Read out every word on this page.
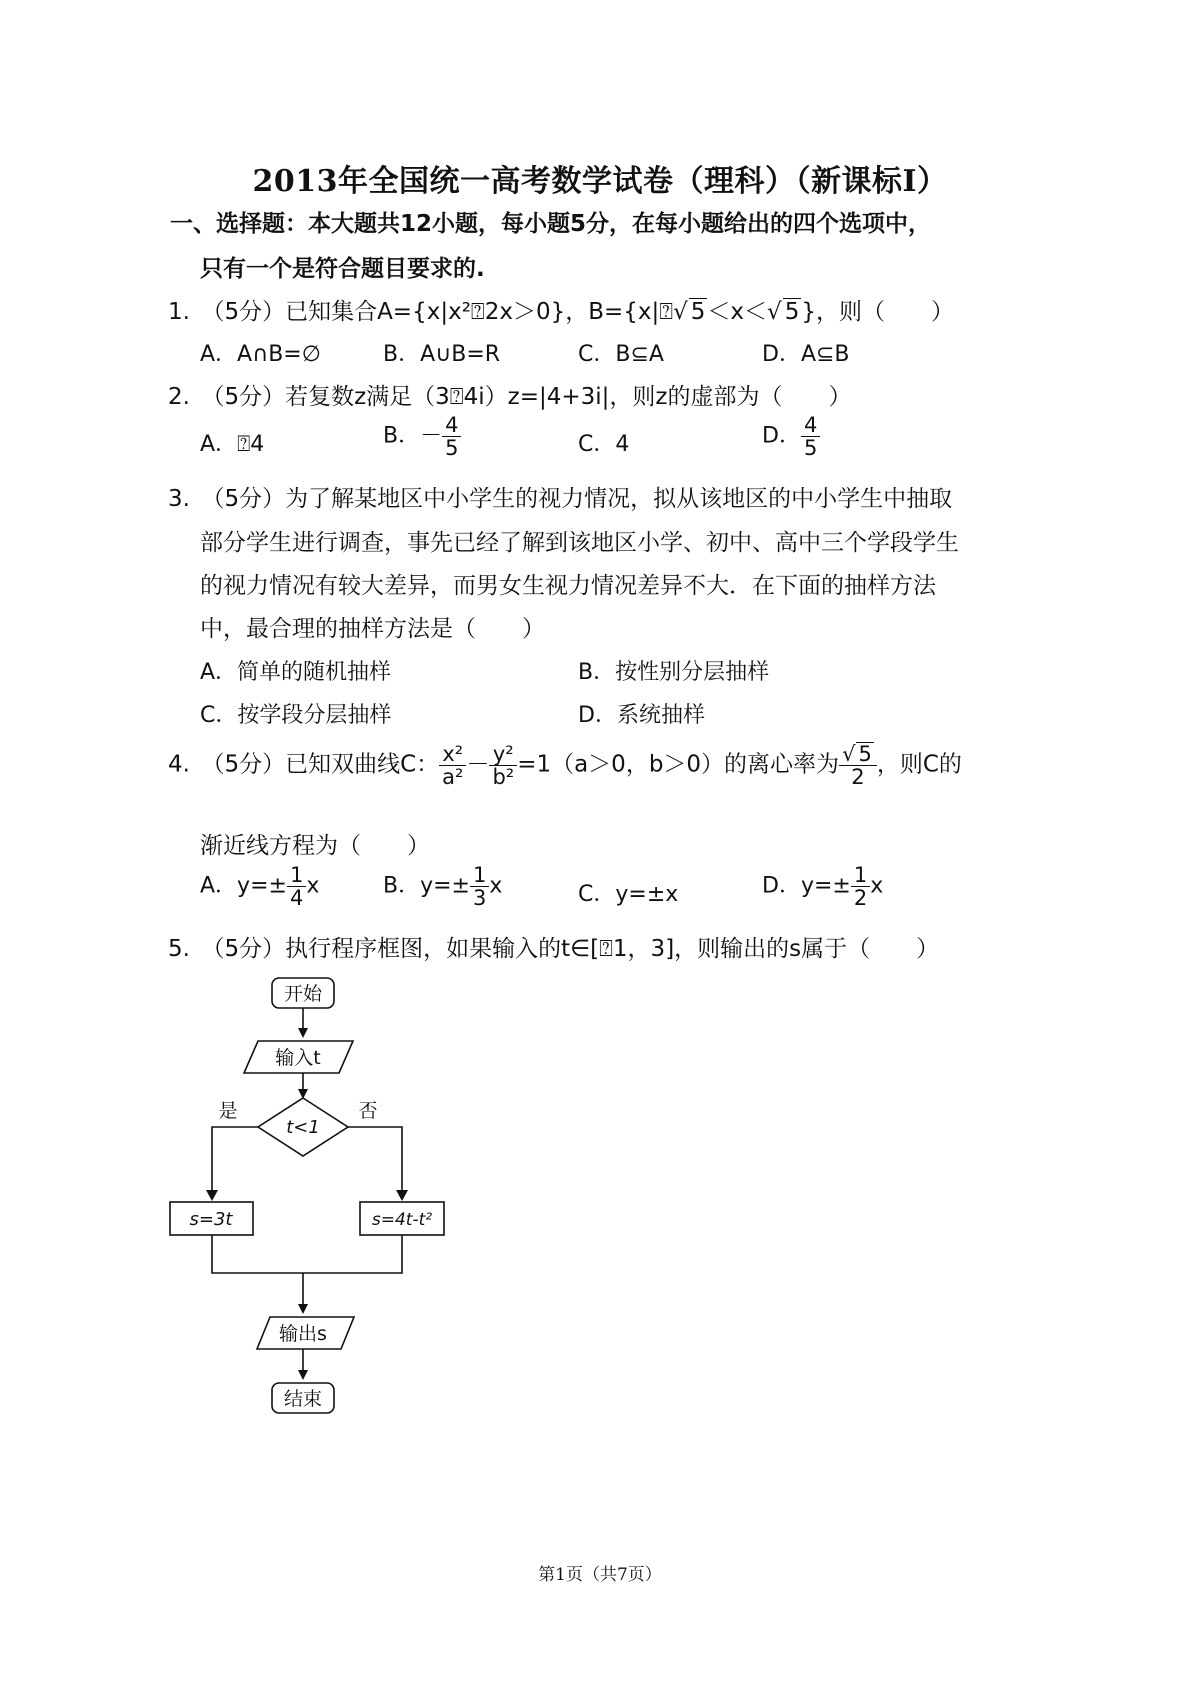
2013年全国统一高考数学试卷（理科）（新课标Ⅰ）
一、选择题：本大题共12小题，每小题5分，在每小题给出的四个选项中，
只有一个是符合题目要求的.
1.　（5分）已知集合A={x|x²⍰2x＞0}，B={x|⍰√ 5＜x＜√ 5}，则（　　）
A．A∩B=∅	B．A∪B=R	C．B⊆A	D．A⊆B
2.　（5分）若复数z满足（3⍰4i）z=|4+3i|，则z的虚部为（　　）
A．⍰4	B．－ $\frac{4}{5}$	C．4	D． $\frac{4}{5}$
3.　（5分）为了解某地区中小学生的视力情况，拟从该地区的中小学生中抽取
部分学生进行调查，事先已经了解到该地区小学、初中、高中三个学段学生
的视力情况有较大差异，而男女生视力情况差异不大．在下面的抽样方法
中，最合理的抽样方法是（　　）
A．简单的随机抽样	B．按性别分层抽样
C．按学段分层抽样	D．系统抽样
4.　（5分）已知双曲线C： $\frac{\text{x²}}{\text{a²}} - \frac{\text{y²}}{\text{b²}} =1(a>0$，b＞0）的离心率为 $\frac{√ 5}{2}$ ，则C的
渐近线方程为（　　）
A．$y=\pm \frac{1}{4}$ x	B．$y=\pm \frac{1}{3}$ x	C．y=±x	D．$y=\pm \frac{1}{2}$ x
5.　（5分）执行程序框图，如果输入的t∈[⍰1，3]，则输出的s属于（　　）
开始
输入t
t<1
是	否
s=3t	s=4t-t²
输出s
结束
第1页（共7页）
